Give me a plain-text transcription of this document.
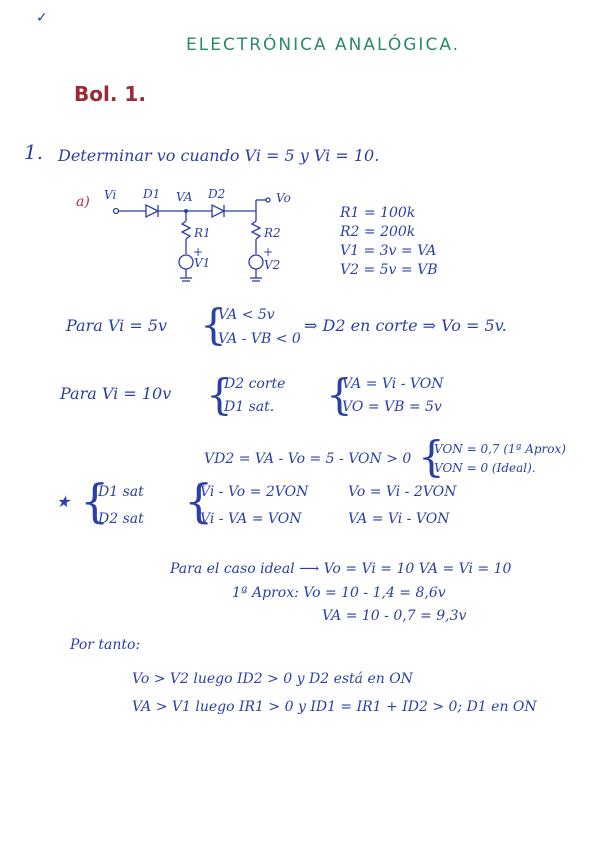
✓
ELECTRÓNICA ANALÓGICA.
Bol. 1.
1. Determinar vo cuando Vi = 5 y Vi = 10.
a) Vi D1 VA D2	Vo
R1	R2
V1	V2
+	+
R1 = 100k
R2 = 200k
V1 = 3v = VA
V2 = 5v = VB
Para Vi = 5v {
VA < 5v
VA - VB < 0
⇒ D2 en corte ⇒ Vo = 5v.
Para Vi = 10v {
D2 corte
D1 sat. {
VA = Vi - VON
VO = VB = 5v
VD2 = VA - Vo = 5 - VON > 0 {
VON = 0,7 (1ª Aprox)
VON = 0 (Ideal).
★ {
D1 sat
D2 sat {
Vi - Vo = 2VON
Vi - VA = VON
Vo = Vi - 2VON
VA = Vi - VON
Para el caso ideal ⟶ Vo = Vi = 10 VA = Vi = 10
1ª Aprox: Vo = 10 - 1,4 = 8,6v
VA = 10 - 0,7 = 9,3v
Por tanto:
Vo > V2 luego ID2 > 0 y D2 está en ON
VA > V1 luego IR1 > 0 y ID1 = IR1 + ID2 > 0; D1 en ON
